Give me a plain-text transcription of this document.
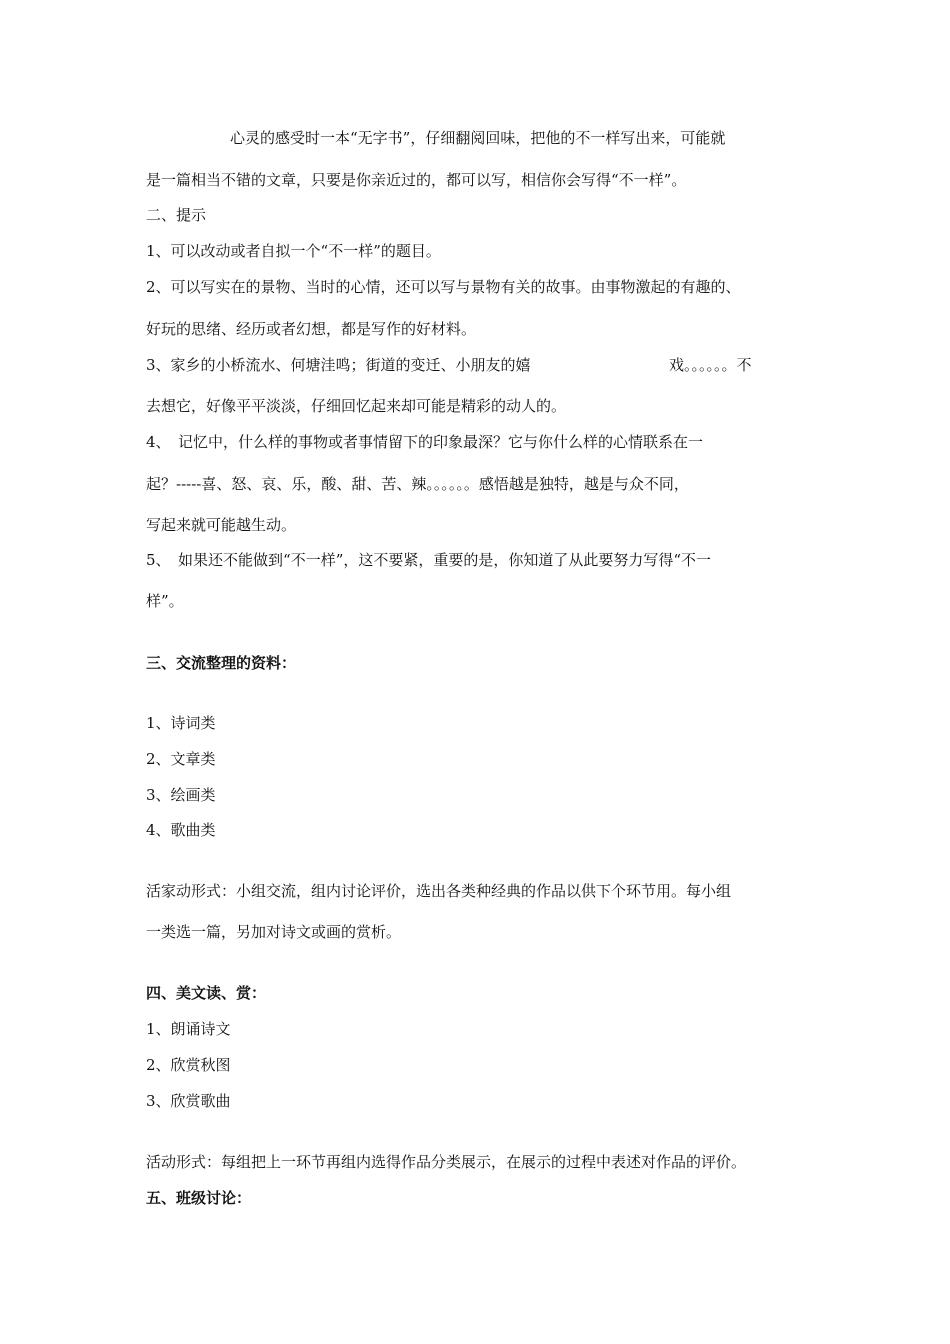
心灵的感受时一本“无字书”，仔细翻阅回味，把他的不一样写出来，可能就
是一篇相当不错的文章，只要是你亲近过的，都可以写，相信你会写得“不一样”。
二、提示
1、可以改动或者自拟一个“不一样”的题目。
2、可以写实在的景物、当时的心情，还可以写与景物有关的故事。由事物激起的有趣的、
好玩的思绪、经历或者幻想，都是写作的好材料。
3、家乡的小桥流水、何塘洼鸣；街道的变迁、小朋友的嬉	戏。。。。。。不
去想它，好像平平淡淡，仔细回忆起来却可能是精彩的动人的。
4、　记忆中，什么样的事物或者事情留下的印象最深？它与你什么样的心情联系在一
起？-----喜、怒、哀、乐，酸、甜、苦、辣。。。。。。感悟越是独特，越是与众不同，
写起来就可能越生动。
5、　如果还不能做到“不一样”，这不要紧，重要的是，你知道了从此要努力写得“不一
样”。
三、交流整理的资料：
1、诗词类
2、文章类
3、绘画类
4、歌曲类
活家动形式：小组交流，组内讨论评价，选出各类种经典的作品以供下个环节用。每小组
一类选一篇，另加对诗文或画的赏析。
四、美文读、赏：
1、朗诵诗文
2、欣赏秋图
3、欣赏歌曲
活动形式：每组把上一环节再组内选得作品分类展示，在展示的过程中表述对作品的评价。
五、班级讨论：
